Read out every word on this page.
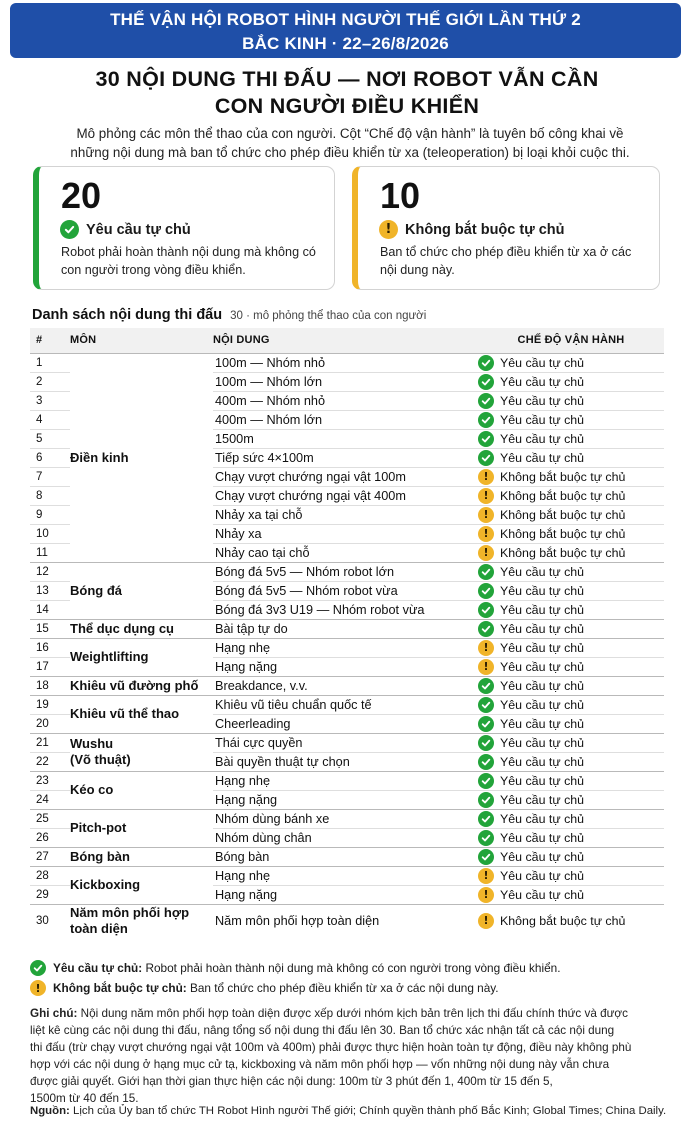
THẾ VẬN HỘI ROBOT HÌNH NGƯỜI THẾ GIỚI LẦN THỨ 2
BẮC KINH · 22–26/8/2026
30 NỘI DUNG THI ĐẤU — NƠI ROBOT VẪN CẦN
CON NGƯỜI ĐIỀU KHIỂN
Mô phỏng các môn thể thao của con người. Cột “Chế độ vận hành” là tuyên bố công khai về
những nội dung mà ban tổ chức cho phép điều khiển từ xa (teleoperation) bị loại khỏi cuộc thi.
20
Yêu cầu tự chủ
Robot phải hoàn thành nội dung mà không có
con người trong vòng điều khiển.
10
! Không bắt buộc tự chủ
Ban tổ chức cho phép điều khiển từ xa ở các
nội dung này.
Danh sách nội dung thi đấu 30 · mô phỏng thể thao của con người
#	MÔN	NỘI DUNG	CHẾ ĐỘ VẬN HÀNH
1	Điền kinh	100m — Nhóm nhỏ	Yêu cầu tự chủ

2		100m — Nhóm lớn	Yêu cầu tự chủ

3		400m — Nhóm nhỏ	Yêu cầu tự chủ

4		400m — Nhóm lớn	Yêu cầu tự chủ

5		1500m	Yêu cầu tự chủ

6		Tiếp sức 4×100m	Yêu cầu tự chủ

7		Chạy vượt chướng ngại vật 100m	! Không bắt buộc tự chủ

8		Chạy vượt chướng ngại vật 400m	! Không bắt buộc tự chủ

9		Nhảy xa tại chỗ	! Không bắt buộc tự chủ

10		Nhảy xa	! Không bắt buộc tự chủ

11		Nhảy cao tại chỗ	! Không bắt buộc tự chủ

12	Bóng đá	Bóng đá 5v5 — Nhóm robot lớn	Yêu cầu tự chủ

13		Bóng đá 5v5 — Nhóm robot vừa	Yêu cầu tự chủ

14		Bóng đá 3v3 U19 — Nhóm robot vừa	Yêu cầu tự chủ

15	Thể dục dụng cụ	Bài tập tự do	Yêu cầu tự chủ

16	Weightlifting	Hạng nhẹ	! Yêu cầu tự chủ

17		Hạng nặng	! Yêu cầu tự chủ

18	Khiêu vũ đường phố	Breakdance, v.v.	Yêu cầu tự chủ

19	Khiêu vũ thể thao	Khiêu vũ tiêu chuẩn quốc tế	Yêu cầu tự chủ

20		Cheerleading	Yêu cầu tự chủ

21	Wushu
(Võ thuật)	Thái cực quyền	Yêu cầu tự chủ

22		Bài quyền thuật tự chọn	Yêu cầu tự chủ

23	Kéo co	Hạng nhẹ	Yêu cầu tự chủ

24		Hạng nặng	Yêu cầu tự chủ

25	Pitch-pot	Nhóm dùng bánh xe	Yêu cầu tự chủ

26		Nhóm dùng chân	Yêu cầu tự chủ

27	Bóng bàn	Bóng bàn	Yêu cầu tự chủ

28	Kickboxing	Hạng nhẹ	! Yêu cầu tự chủ

29		Hạng nặng	! Yêu cầu tự chủ

30	Năm môn phối hợp
toàn diện	Năm môn phối hợp toàn diện	! Không bắt buộc tự chủ
Yêu cầu tự chủ: Robot phải hoàn thành nội dung mà không có con người trong vòng điều khiển.
! Không bắt buộc tự chủ: Ban tổ chức cho phép điều khiển từ xa ở các nội dung này.
Ghi chú: Nội dung năm môn phối hợp toàn diện được xếp dưới nhóm kịch bản trên lịch thi đấu chính thức và được
liệt kê cùng các nội dung thi đấu, nâng tổng số nội dung thi đấu lên 30. Ban tổ chức xác nhận tất cả các nội dung
thi đấu (trừ chạy vượt chướng ngại vật 100m và 400m) phải được thực hiện hoàn toàn tự động, điều này không phù
hợp với các nội dung ở hạng mục cử tạ, kickboxing và năm môn phối hợp — vốn những nội dung này vẫn chưa
được giải quyết. Giới hạn thời gian thực hiện các nội dung: 100m từ 3 phút đến 1, 400m từ 15 đến 5,
1500m từ 40 đến 15.
Nguồn: Lịch của Ủy ban tổ chức TH Robot Hình người Thế giới; Chính quyền thành phố Bắc Kinh; Global Times; China Daily.
